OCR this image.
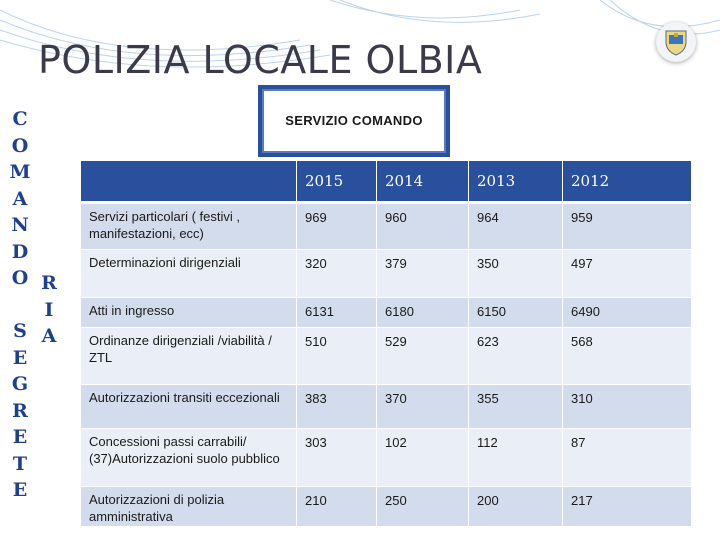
POLIZIA LOCALE OLBIA
SERVIZIO COMANDO
C
O
M
A
N
D
O
S
E
G
R
E
T
E
R
I
A
	2015	2014	2013	2012
Servizi particolari ( festivi , manifestazioni, ecc)	969	960	964	959
Determinazioni dirigenziali	320	379	350	497
Atti in ingresso	6131	6180	6150	6490
Ordinanze dirigenziali /viabilità / ZTL	510	529	623	568
Autorizzazioni transiti eccezionali	383	370	355	310
Concessioni passi carrabili/ (37)Autorizzazioni suolo pubblico	303	102	112	87
Autorizzazioni di polizia amministrativa	210	250	200	217
